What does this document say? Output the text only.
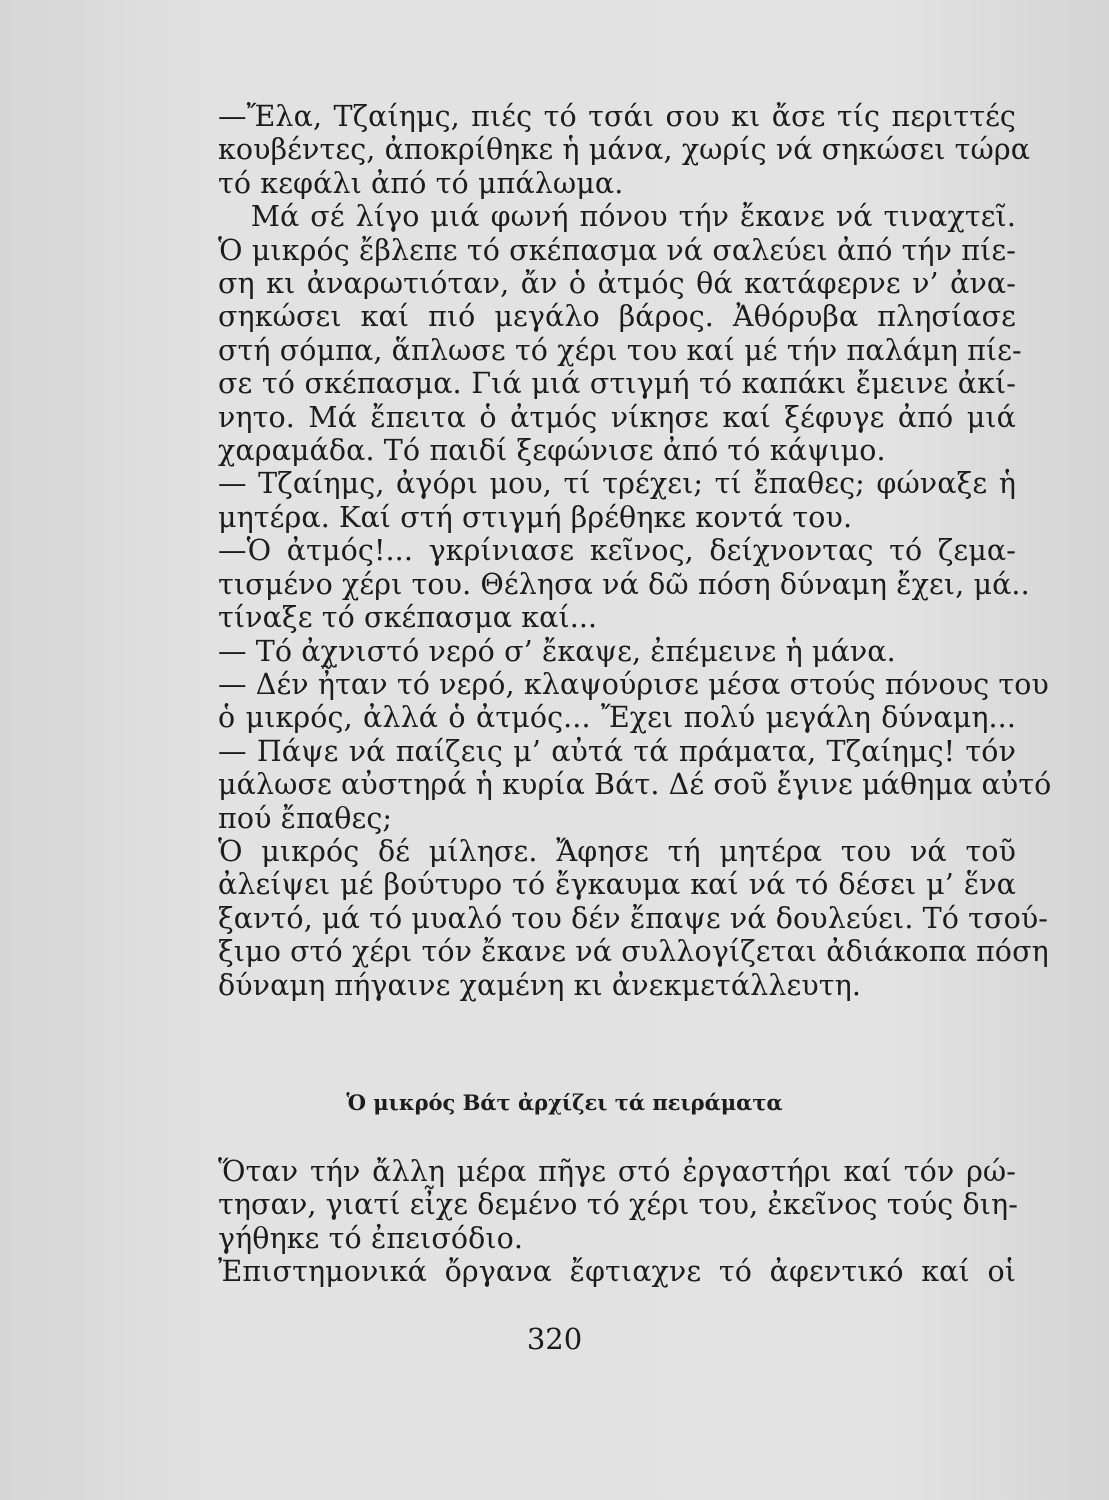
—Ἔλα, Τζαίημς, πιές τό τσάι σου κι ἄσε τίς περιττές
κουβέντες, ἀποκρίθηκε ἡ μάνα, χωρίς νά σηκώσει τώρα
τό κεφάλι ἀπό τό μπάλωμα.
Μά σέ λίγο μιά φωνή πόνου τήν ἔκανε νά τιναχτεῖ.
Ὁ μικρός ἔβλεπε τό σκέπασμα νά σαλεύει ἀπό τήν πίε-
ση κι ἀναρωτιόταν, ἄν ὁ ἀτμός θά κατάφερνε ν’ ἀνα-
σηκώσει καί πιό μεγάλο βάρος. Ἀθόρυβα πλησίασε
στή σόμπα, ἅπλωσε τό χέρι του καί μέ τήν παλάμη πίε-
σε τό σκέπασμα. Γιά μιά στιγμή τό καπάκι ἔμεινε ἀκί-
νητο. Μά ἔπειτα ὁ ἀτμός νίκησε καί ξέφυγε ἀπό μιά
χαραμάδα. Τό παιδί ξεφώνισε ἀπό τό κάψιμο.
— Τζαίημς, ἀγόρι μου, τί τρέχει; τί ἔπαθες; φώναξε ἡ
μητέρα. Καί στή στιγμή βρέθηκε κοντά του.
—Ὁ ἀτμός!... γκρίνιασε κεῖνος, δείχνοντας τό ζεμα-
τισμένο χέρι του. Θέλησα νά δῶ πόση δύναμη ἔχει, μά..
τίναξε τό σκέπασμα καί...
— Τό ἀχνιστό νερό σ’ ἔκαψε, ἐπέμεινε ἡ μάνα.
— Δέν ἦταν τό νερό, κλαψούρισε μέσα στούς πόνους του
ὁ μικρός, ἀλλά ὁ ἀτμός... Ἔχει πολύ μεγάλη δύναμη...
— Πάψε νά παίζεις μ’ αὐτά τά πράματα, Τζαίημς! τόν
μάλωσε αὐστηρά ἡ κυρία Βάτ. Δέ σοῦ ἔγινε μάθημα αὐτό
πού ἔπαθες;
Ὁ μικρός δέ μίλησε. Ἄφησε τή μητέρα του νά τοῦ
ἀλείψει μέ βούτυρο τό ἔγκαυμα καί νά τό δέσει μ’ ἕνα
ξαντό, μά τό μυαλό του δέν ἔπαψε νά δουλεύει. Τό τσού-
ξιμο στό χέρι τόν ἔκανε νά συλλογίζεται ἀδιάκοπα πόση
δύναμη πήγαινε χαμένη κι ἀνεκμετάλλευτη.
Ὁ μικρός Βάτ ἀρχίζει τά πειράματα
Ὅταν τήν ἄλλη μέρα πῆγε στό ἐργαστήρι καί τόν ρώ-
τησαν, γιατί εἶχε δεμένο τό χέρι του, ἐκεῖνος τούς διη-
γήθηκε τό ἐπεισόδιο.
Ἐπιστημονικά ὄργανα ἔφτιαχνε τό ἀφεντικό καί οἱ
320
